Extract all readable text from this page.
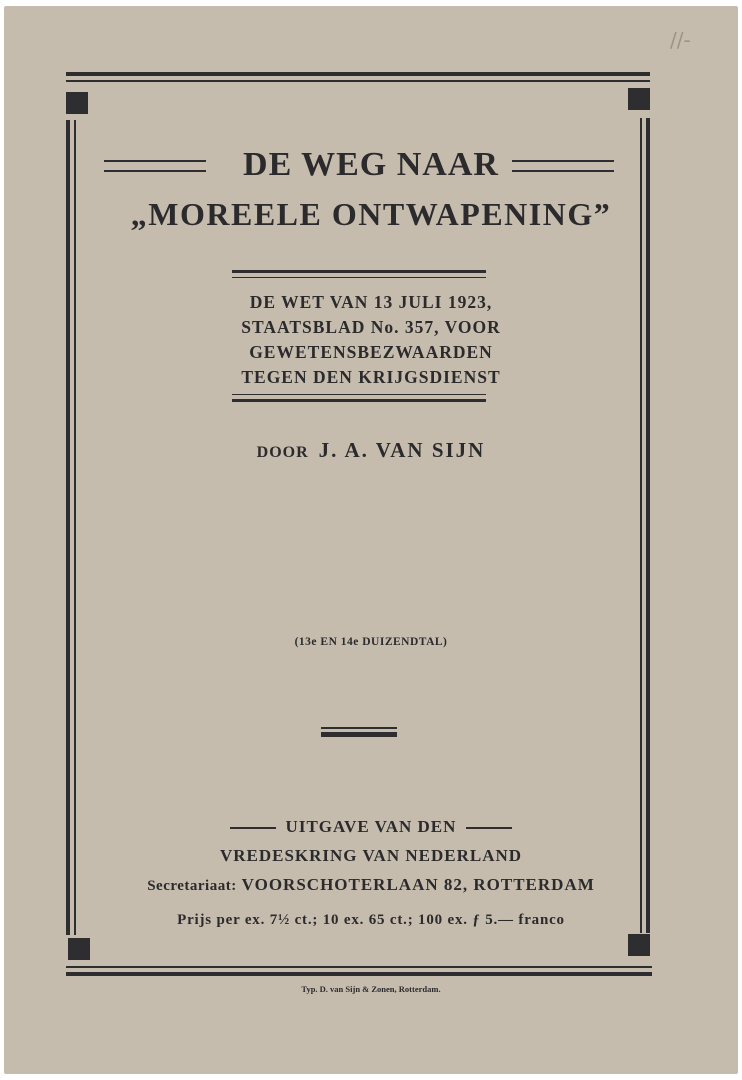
//-
DE WEG NAAR
„MOREELE ONTWAPENING”
DE WET VAN 13 JULI 1923,
STAATSBLAD No. 357, VOOR
GEWETENSBEZWAARDEN
TEGEN DEN KRIJGSDIENST
DOOR J. A. VAN SIJN
(13e EN 14e DUIZENDTAL)
UITGAVE VAN DEN
VREDESKRING VAN NEDERLAND
Secretariaat: VOORSCHOTERLAAN 82, ROTTERDAM
Prijs per ex. 7½ ct.; 10 ex. 65 ct.; 100 ex. ƒ 5.— franco
Typ. D. van Sijn & Zonen, Rotterdam.
